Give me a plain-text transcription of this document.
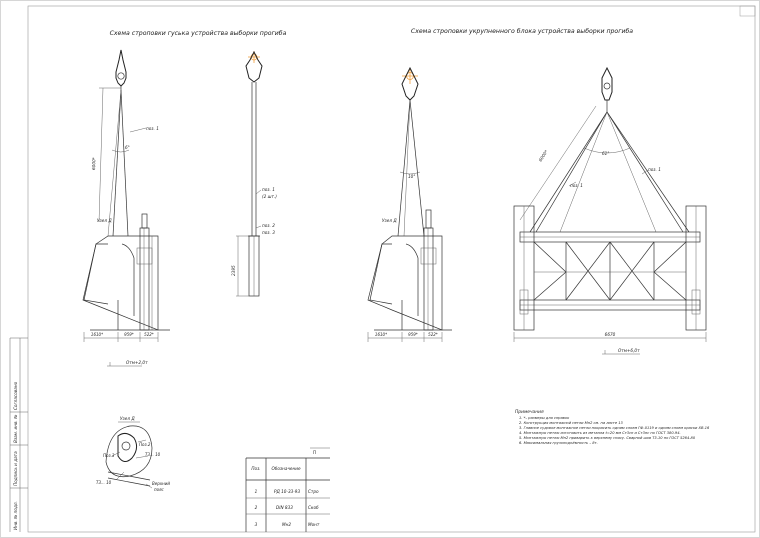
Согласовано
Взам. инв. №
Подпись и дата
Инв. № подл.
Схема строповки гуська устройства выборки прогиба	Схема строповки укрупненного блока устройства выборки прогиба
поз. 1
6°
6000*
Узел Д
1610*	959*	522*
Отм+2,0т
поз. 1
(2 шт.)
поз. 2
поз. 3
2395
10°
Узел Д
1610*	959*	522*
6000*	61°
поз. 1
поз. 1
6670
Отм+6,0т
Узел Д
Поз.2
Поз.3	Т3... 10
Т3... 10	Верхний
пояс
Примечания
1. *– размеры для справок
2. Конструкция монтажной петли Мн2 см. на листе 13
3. Главное судовое монтажное петли покрасить одним слоем ГФ-0119 и одним слоем краски ХВ-16
4. Монтажную петлю изготовить из металла t=20 мм Ст3сп и Ст3пс по ГОСТ 380-94.
5. Монтажную петлю Мн2 приварить к верхнему поясу. Сварной шов Т3-10 по ГОСТ 5264-80
6. Максимальная грузоподъёмность – 8т.
П
Поз.	Обозначение
1	РД 10-33-93 Стро
2	DIN 833	Скоб
3	Мн2	Монт
